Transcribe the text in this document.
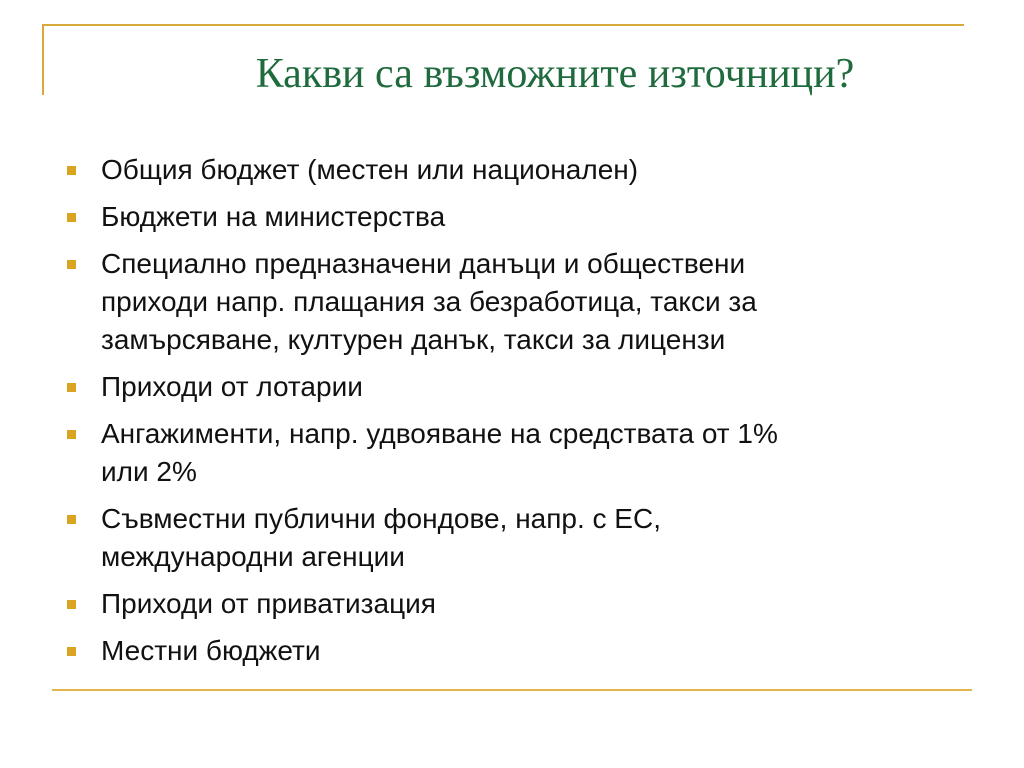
Какви са възможните източници?
Общия бюджет (местен или национален)
Бюджети на министерства
Специално предназначени данъци и обществени
приходи напр. плащания за безработица, такси за
замърсяване, културен данък, такси за лицензи
Приходи от лотарии
Ангажименти, напр. удвояване на средствата от 1%
или 2%
Съвместни публични фондове, напр. с ЕС,
международни агенции
Приходи от приватизация
Местни бюджети
